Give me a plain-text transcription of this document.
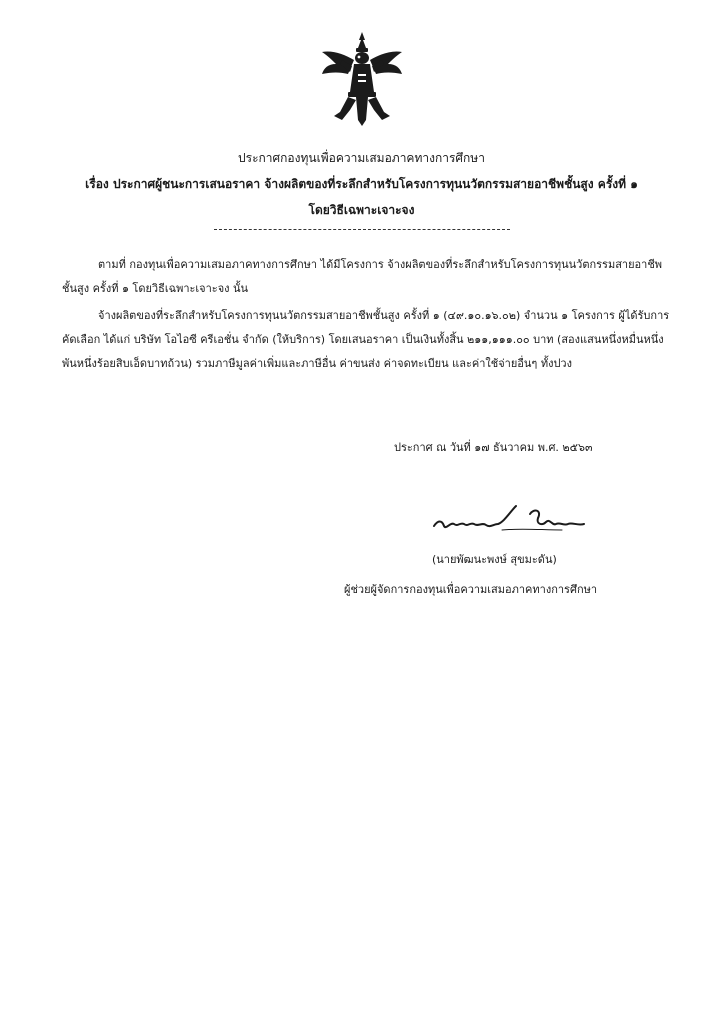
ประกาศกองทุนเพื่อความเสมอภาคทางการศึกษา
เรื่อง ประกาศผู้ชนะการเสนอราคา จ้างผลิตของที่ระลึกสำหรับโครงการทุนนวัตกรรมสายอาชีพชั้นสูง ครั้งที่ ๑
โดยวิธีเฉพาะเจาะจง
ตามที่ กองทุนเพื่อความเสมอภาคทางการศึกษา ได้มีโครงการ จ้างผลิตของที่ระลึกสำหรับโครงการทุนนวัตกรรมสายอาชีพชั้นสูง ครั้งที่ ๑ โดยวิธีเฉพาะเจาะจง นั้น
จ้างผลิตของที่ระลึกสำหรับโครงการทุนนวัตกรรมสายอาชีพชั้นสูง ครั้งที่ ๑ (๔๙.๑๐.๑๖.๐๒) จำนวน ๑ โครงการ ผู้ได้รับการคัดเลือก ได้แก่ บริษัท โอไอซี ครีเอชั่น จำกัด (ให้บริการ) โดยเสนอราคา เป็นเงินทั้งสิ้น ๒๑๑,๑๑๑.๐๐ บาท (สองแสนหนึ่งหมื่นหนึ่งพันหนึ่งร้อยสิบเอ็ดบาทถ้วน) รวมภาษีมูลค่าเพิ่มและภาษีอื่น ค่าขนส่ง ค่าจดทะเบียน และค่าใช้จ่ายอื่นๆ ทั้งปวง
ประกาศ ณ วันที่ ๑๗ ธันวาคม พ.ศ. ๒๕๖๓
(นายพัฒนะพงษ์ สุขมะดัน)
ผู้ช่วยผู้จัดการกองทุนเพื่อความเสมอภาคทางการศึกษา
